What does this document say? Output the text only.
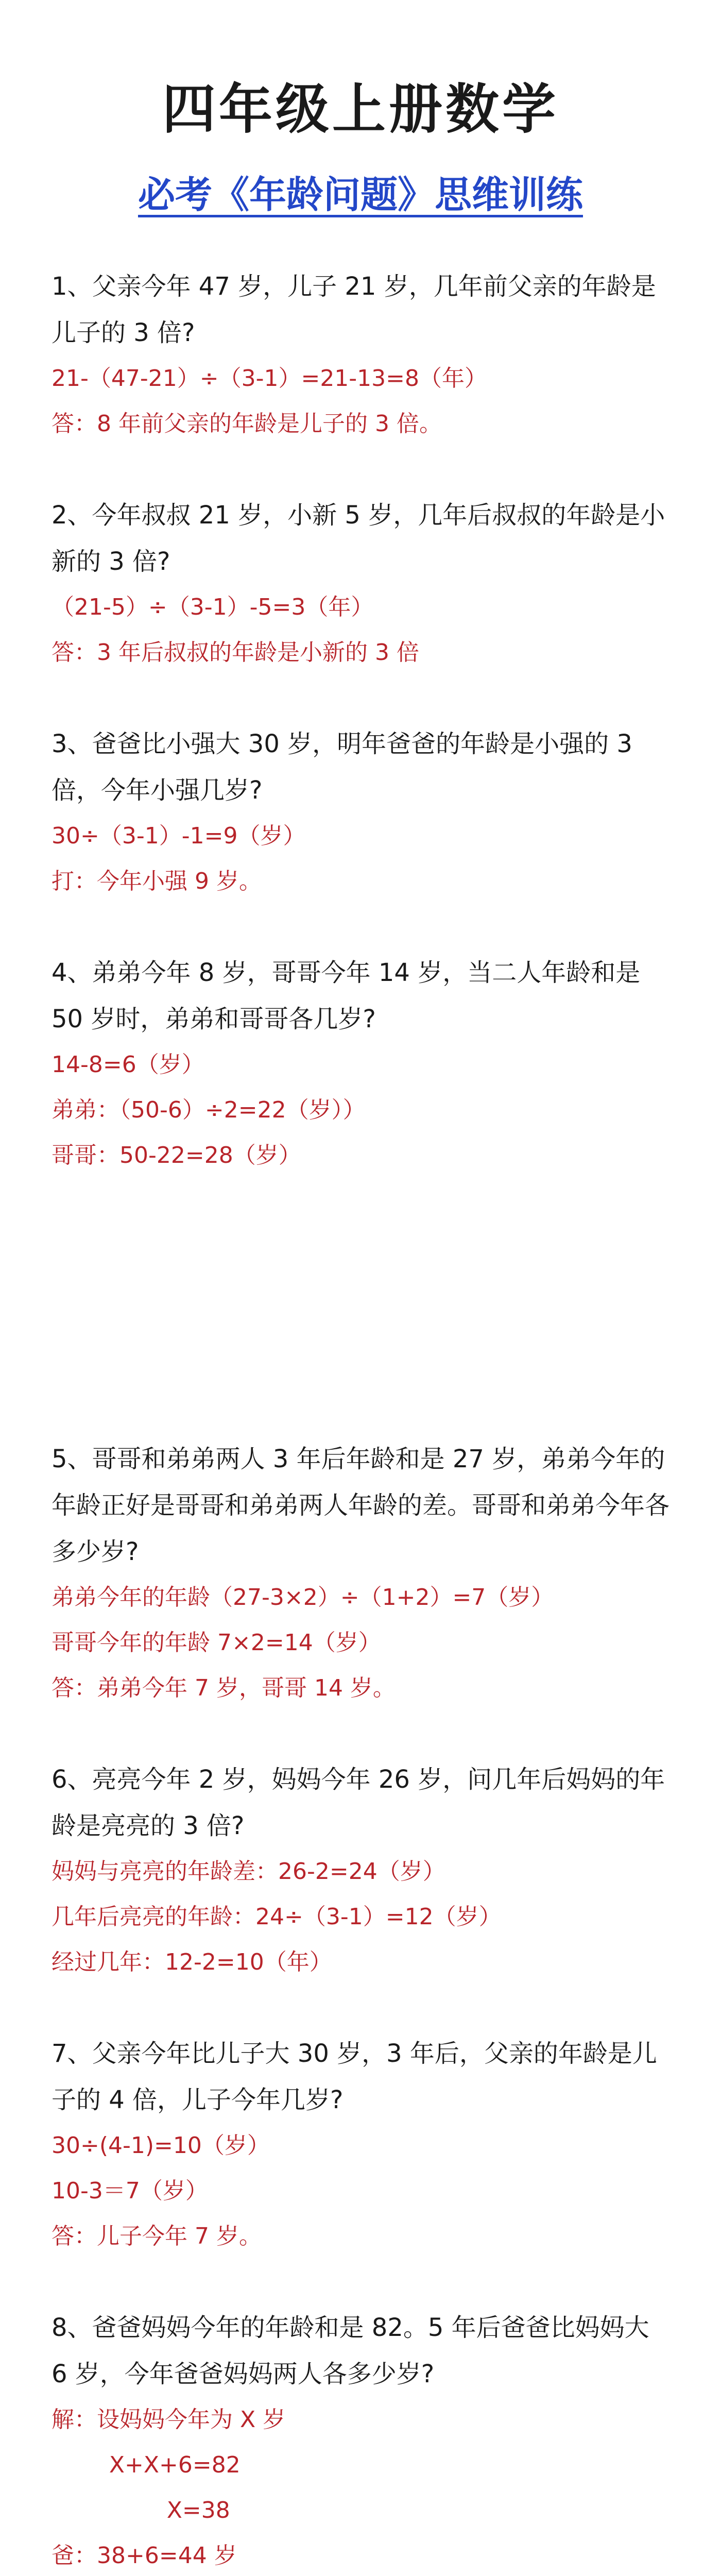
四年级上册数学
必考《年龄问题》思维训练

1、父亲今年 47 岁，儿子 21 岁，几年前父亲的年龄是儿子的 3 倍?

21-（47-21）÷（3-1）=21-13=8（年）

答：8 年前父亲的年龄是儿子的 3 倍。

2、今年叔叔 21 岁，小新 5 岁，几年后叔叔的年龄是小新的 3 倍?

（21-5）÷（3-1）-5=3（年）

答：3 年后叔叔的年龄是小新的 3 倍

3、爸爸比小强大 30 岁，明年爸爸的年龄是小强的 3 倍，今年小强几岁?

30÷（3-1）-1=9（岁）

打：今年小强 9 岁。

4、弟弟今年 8 岁，哥哥今年 14 岁，当二人年龄和是 50 岁时，弟弟和哥哥各几岁?

14-8=6（岁）

弟弟：（50-6）÷2=22（岁））

哥哥：50-22=28（岁）

5、哥哥和弟弟两人 3 年后年龄和是 27 岁，弟弟今年的年龄正好是哥哥和弟弟两人年龄的差。哥哥和弟弟今年各多少岁?

弟弟今年的年龄（27-3×2）÷（1+2）=7（岁）

哥哥今年的年龄 7×2=14（岁）

答：弟弟今年 7 岁，哥哥 14 岁。

6、亮亮今年 2 岁，妈妈今年 26 岁，问几年后妈妈的年龄是亮亮的 3 倍?

妈妈与亮亮的年龄差：26-2=24（岁）

几年后亮亮的年龄：24÷（3-1）=12（岁）

经过几年：12-2=10（年）

7、父亲今年比儿子大 30 岁，3 年后，父亲的年龄是儿子的 4 倍，儿子今年几岁?

30÷(4-1)=10（岁）

10-3＝7（岁）

答：儿子今年 7 岁。

8、爸爸妈妈今年的年龄和是 82。5 年后爸爸比妈妈大 6 岁，今年爸爸妈妈两人各多少岁?

解：设妈妈今年为 X 岁

X+X+6=82

X=38

爸：38+6=44 岁
